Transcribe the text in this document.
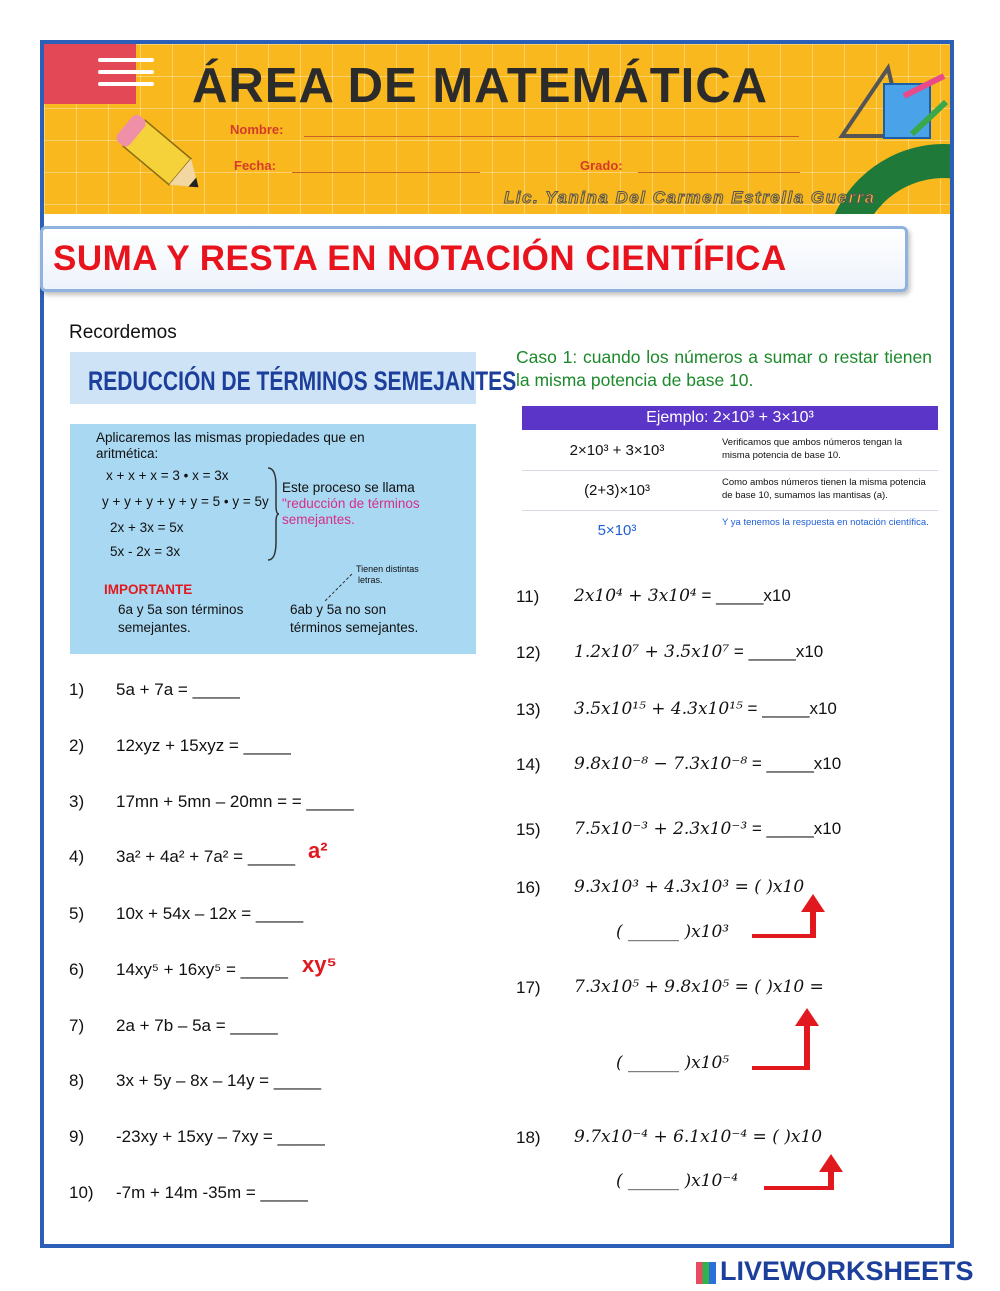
ÁREA DE MATEMÁTICA
Nombre:
Fecha:	Grado:
Lic. Yanina Del Carmen Estrella Guerra
SUMA Y RESTA EN NOTACIÓN CIENTÍFICA
Recordemos
REDUCCIÓN DE TÉRMINOS SEMEJANTES
Aplicaremos las mismas propiedades que en
aritmética:
x + x + x = 3 • x = 3x
y + y + y + y + y = 5 • y = 5y
2x + 3x = 5x
5x - 2x = 3x
Este proceso se llama
"reducción de términos
semejantes.
Tienen distintas
letras.
IMPORTANTE
6a y 5a son términos
semejantes.
6ab y 5a no son
términos semejantes.
1) 5a + 7a = _____
2) 12xyz + 15xyz = _____
3) 17mn + 5mn – 20mn = = _____
4) 3a² + 4a² + 7a² = _____ a²
5) 10x + 54x – 12x = _____
6) 14xy⁵ + 16xy⁵ = _____ xy⁵
7) 2a + 7b – 5a = _____
8) 3x + 5y – 8x – 14y = _____
9) -23xy + 15xy – 7xy = _____
10) -7m + 14m -35m = _____
Caso 1: cuando los números a sumar o restar tienen la misma potencia de base 10.
Ejemplo: 2×10³ + 3×10³
2×10³ + 3×10³	Verificamos que ambos números tengan la misma potencia de base 10.
(2+3)×10³	Como ambos números tienen la misma potencia de base 10, sumamos las mantisas (a).
5×10³	Y ya tenemos la respuesta en notación científica.
11) 2x10⁴ + 3x10⁴ = _____x10
12) 1.2x10⁷ + 3.5x10⁷ = _____x10
13) 3.5x10¹⁵ + 4.3x10¹⁵ = _____x10
14) 9.8x10⁻⁸ − 7.3x10⁻⁸ = _____x10
15) 7.5x10⁻³ + 2.3x10⁻³ = _____x10
16) 9.3x10³ + 4.3x10³ = ( )x10
( ______ )x10³
17) 7.3x10⁵ + 9.8x10⁵ = ( )x10 =
( ______ )x10⁵
18) 9.7x10⁻⁴ + 6.1x10⁻⁴ = ( )x10
( ______ )x10⁻⁴
LIVEWORKSHEETS
